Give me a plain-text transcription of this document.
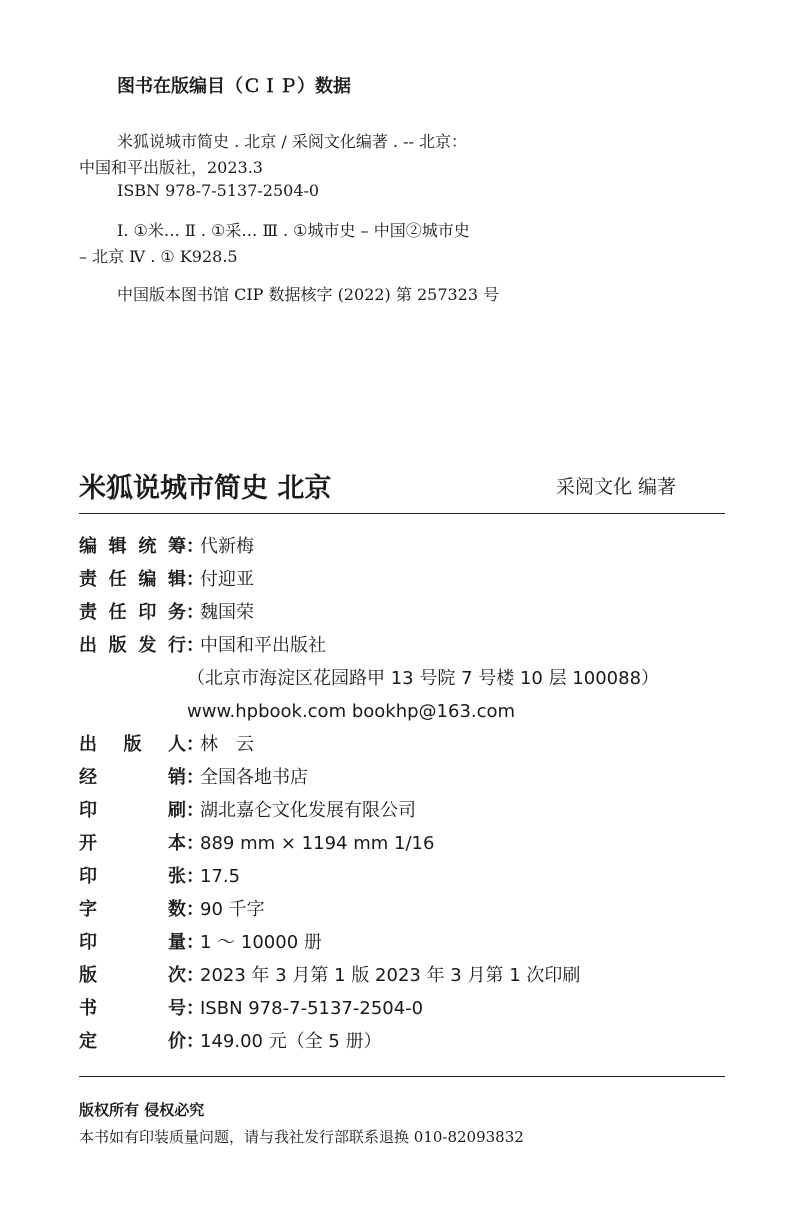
图书在版编目（ＣＩＰ）数据
米狐说城市简史 . 北京 / 采阅文化编著 . -- 北京：
中国和平出版社，2023.3
ISBN 978-7-5137-2504-0
I. ①米… Ⅱ . ①采… Ⅲ . ①城市史 – 中国②城市史
– 北京 Ⅳ . ① K928.5
中国版本图书馆 CIP 数据核字 (2022) 第 257323 号
米狐说城市简史 北京	采阅文化 编著
编辑统筹：代新梅
责任编辑：付迎亚
责任印务：魏国荣
出版发行：中国和平出版社
（北京市海淀区花园路甲 13 号院 7 号楼 10 层 100088）
www.hpbook.com bookhp@163.com
出版人：林　云
经销：全国各地书店
印刷：湖北嘉仑文化发展有限公司
开本：889 mm × 1194 mm 1/16
印张：17.5
字数：90 千字
印量：1 ～ 10000 册
版次：2023 年 3 月第 1 版 2023 年 3 月第 1 次印刷
书号：ISBN 978-7-5137-2504-0
定价：149.00 元（全 5 册）
版权所有 侵权必究
本书如有印装质量问题，请与我社发行部联系退换 010-82093832
